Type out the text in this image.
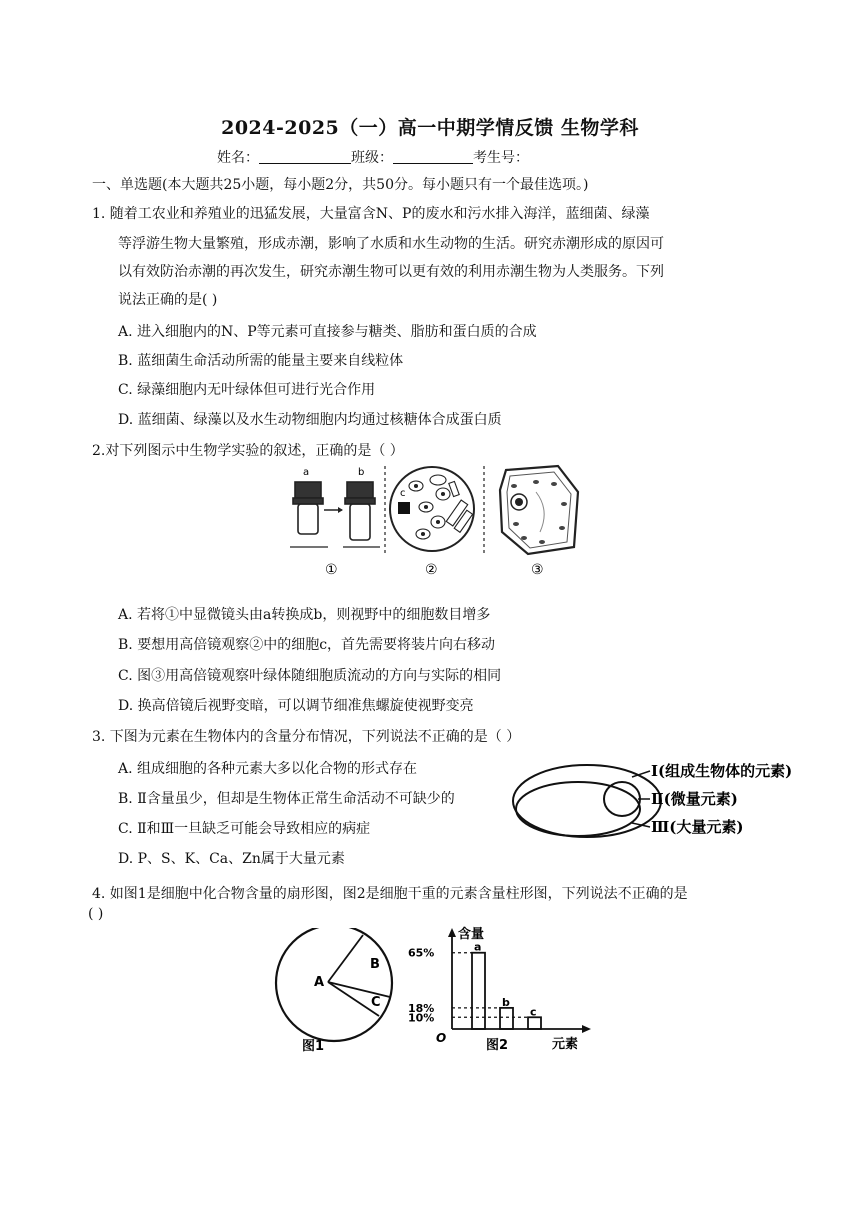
2024-2025（一）高一中期学情反馈 生物学科
姓名：	班级：	考生号：
一、单选题(本大题共25小题，每小题2分，共50分。每小题只有一个最佳选项。)
1. 随着工农业和养殖业的迅猛发展，大量富含N、P的废水和污水排入海洋，蓝细菌、绿藻
等浮游生物大量繁殖，形成赤潮，影响了水质和水生动物的生活。研究赤潮形成的原因可
以有效防治赤潮的再次发生，研究赤潮生物可以更有效的利用赤潮生物为人类服务。下列
说法正确的是( )
A. 进入细胞内的N、P等元素可直接参与糖类、脂肪和蛋白质的合成
B. 蓝细菌生命活动所需的能量主要来自线粒体
C. 绿藻细胞内无叶绿体但可进行光合作用
D. 蓝细菌、绿藻以及水生动物细胞内均通过核糖体合成蛋白质
2.对下列图示中生物学实验的叙述，正确的是（ ）
a	b
①
c
②	③
A. 若将①中显微镜头由a转换成b，则视野中的细胞数目增多
B. 要想用高倍镜观察②中的细胞c，首先需要将装片向右移动
C. 图③用高倍镜观察叶绿体随细胞质流动的方向与实际的相同
D. 换高倍镜后视野变暗，可以调节细准焦螺旋使视野变亮
3. 下图为元素在生物体内的含量分布情况，下列说法不正确的是（ ）
A. 组成细胞的各种元素大多以化合物的形式存在
B. Ⅱ含量虽少，但却是生物体正常生命活动不可缺少的
C. Ⅱ和Ⅲ一旦缺乏可能会导致相应的病症
D. P、S、K、Ca、Zn属于大量元素
Ⅰ(组成生物体的元素)
Ⅱ(微量元素)
Ⅲ(大量元素)
4. 如图1是细胞中化合物含量的扇形图，图2是细胞干重的元素含量柱形图，下列说法不正确的是
( )
A
B
C
图1
含量
元素
O	图2
a
65%
b
18%	c
10%
